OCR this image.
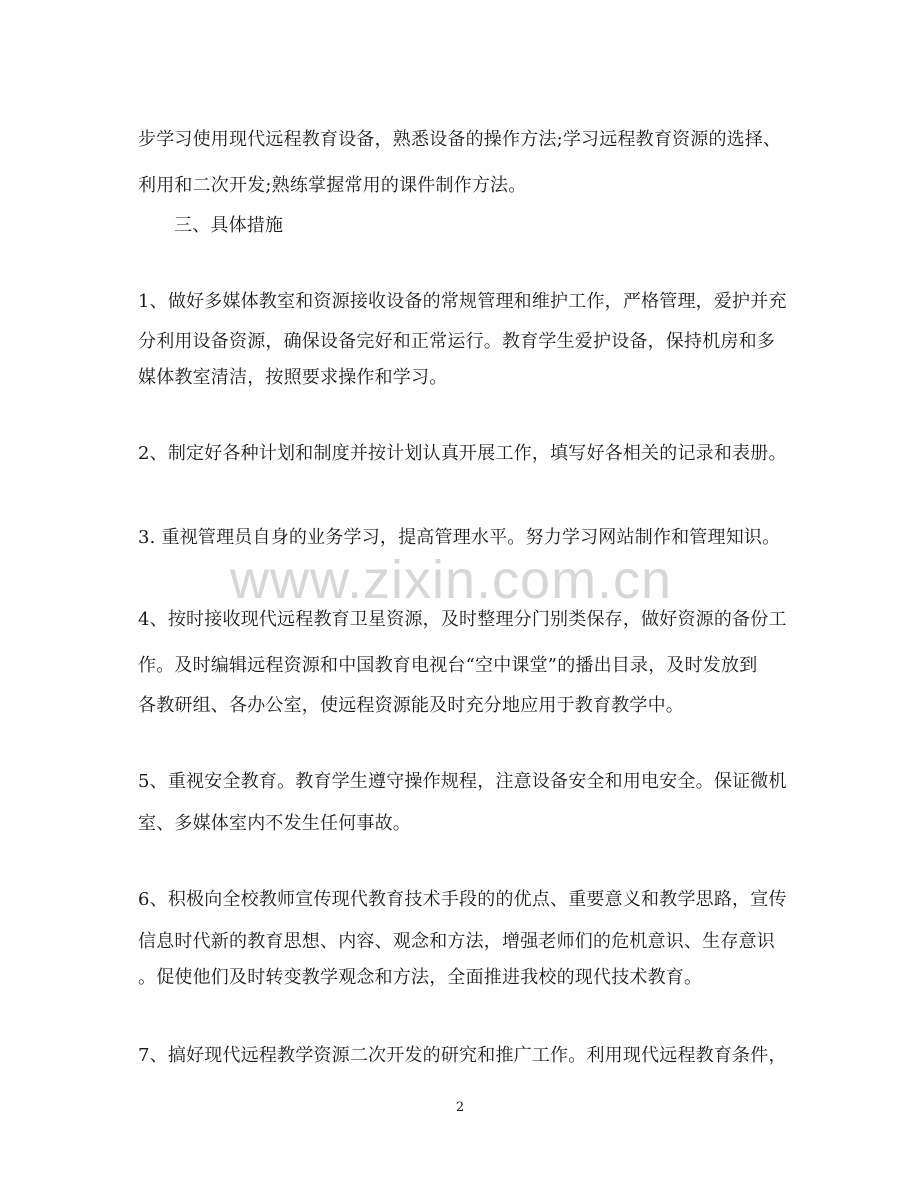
步学习使用现代远程教育设备，熟悉设备的操作方法;学习远程教育资源的选择、
利用和二次开发;熟练掌握常用的课件制作方法。
三、具体措施
1、做好多媒体教室和资源接收设备的常规管理和维护工作，严格管理，爱护并充
分利用设备资源，确保设备完好和正常运行。教育学生爱护设备，保持机房和多
媒体教室清洁，按照要求操作和学习。
2、制定好各种计划和制度并按计划认真开展工作，填写好各相关的记录和表册。
3. 重视管理员自身的业务学习，提高管理水平。努力学习网站制作和管理知识。
www.zixin.com.cn
4、按时接收现代远程教育卫星资源，及时整理分门别类保存，做好资源的备份工
作。及时编辑远程资源和中国教育电视台“空中课堂”的播出目录，及时发放到
各教研组、各办公室，使远程资源能及时充分地应用于教育教学中。
5、重视安全教育。教育学生遵守操作规程，注意设备安全和用电安全。保证微机
室、多媒体室内不发生任何事故。
6、积极向全校教师宣传现代教育技术手段的的优点、重要意义和教学思路，宣传
信息时代新的教育思想、内容、观念和方法，增强老师们的危机意识、生存意识
。促使他们及时转变教学观念和方法，全面推进我校的现代技术教育。
7、搞好现代远程教学资源二次开发的研究和推广工作。利用现代远程教育条件，
2
